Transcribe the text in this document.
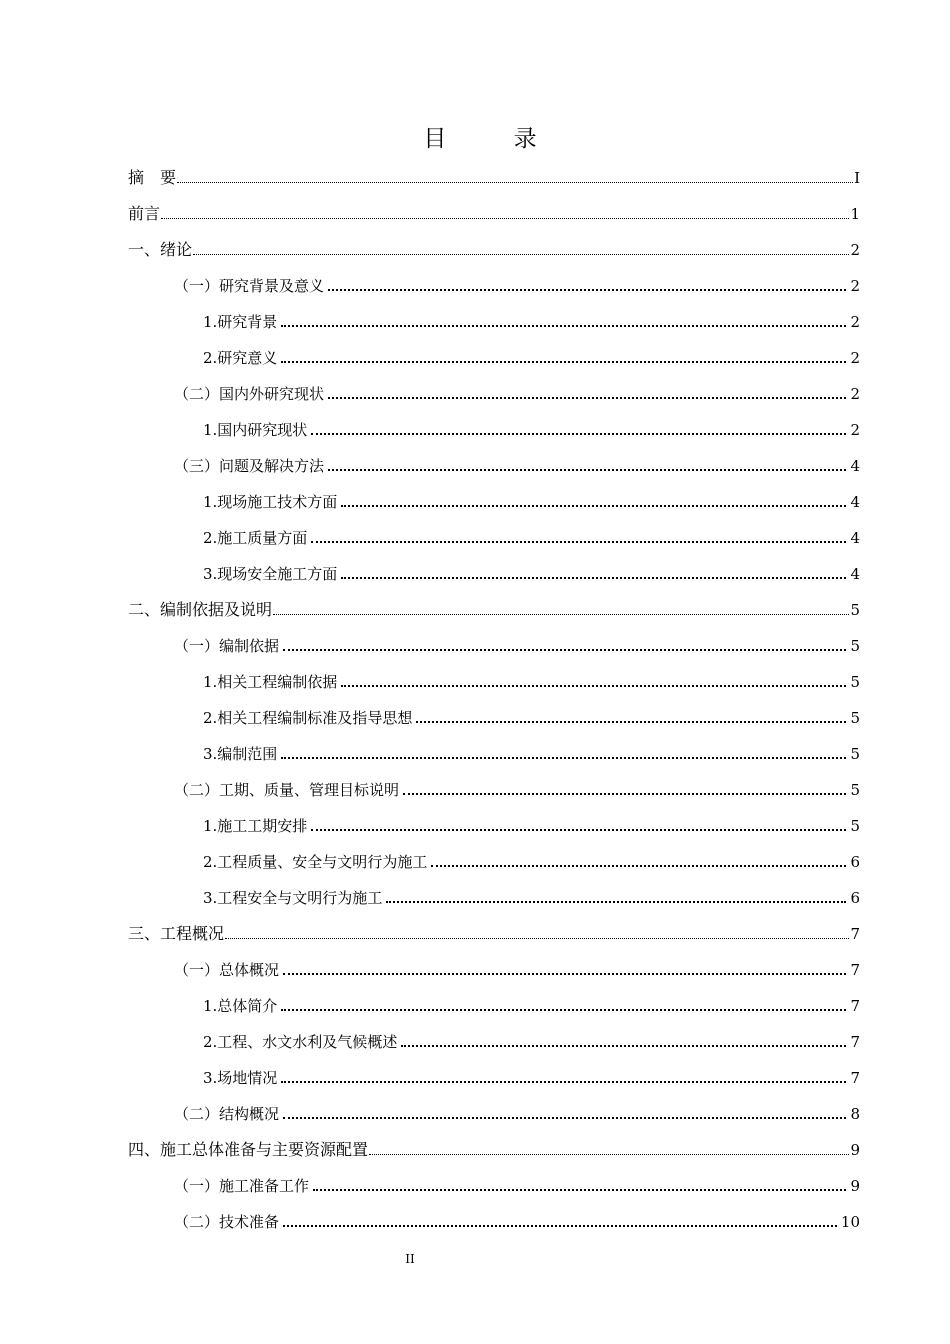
目 录
摘　要	I
前言	1
一、绪论	2
（一）研究背景及意义	2
1.研究背景	2
2.研究意义	2
（二）国内外研究现状	2
1.国内研究现状	2
（三）问题及解决方法	4
1.现场施工技术方面	4
2.施工质量方面	4
3.现场安全施工方面	4
二、编制依据及说明	5
（一）编制依据	5
1.相关工程编制依据	5
2.相关工程编制标准及指导思想	5
3.编制范围	5
（二）工期、质量、管理目标说明	5
1.施工工期安排	5
2.工程质量、安全与文明行为施工	6
3.工程安全与文明行为施工	6
三、工程概况	7
（一）总体概况	7
1.总体简介	7
2.工程、水文水利及气候概述	7
3.场地情况	7
（二）结构概况	8
四、施工总体准备与主要资源配置	9
（一）施工准备工作	9
（二）技术准备	10
II
